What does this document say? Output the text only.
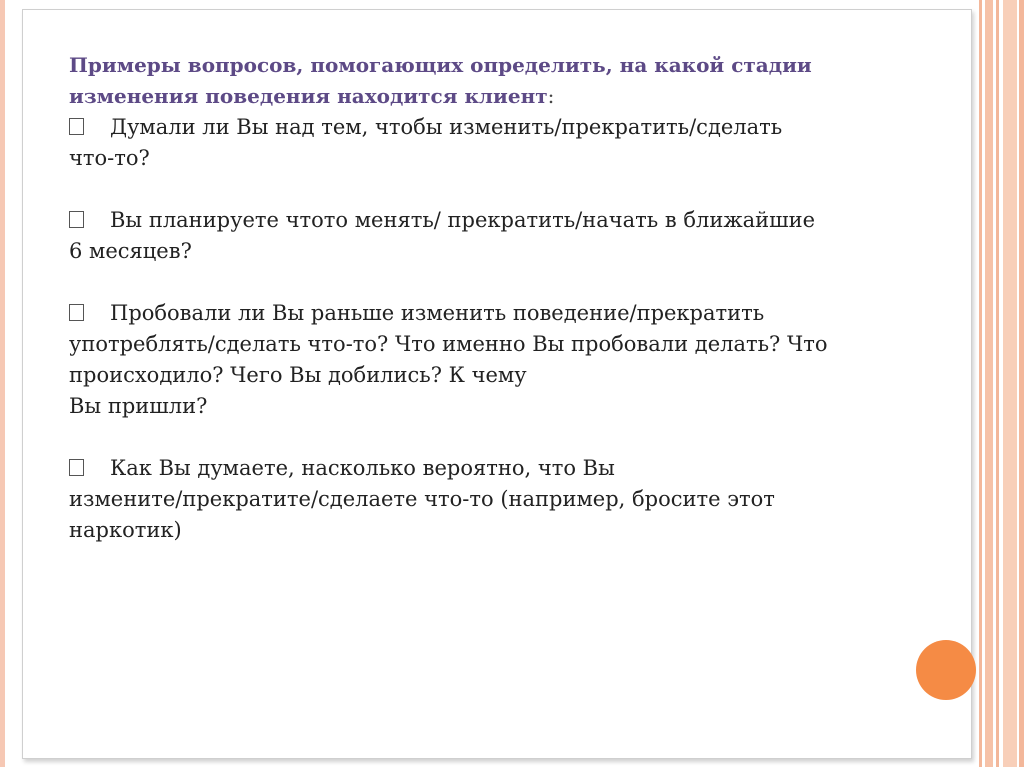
Примеры вопросов, помогающих определить, на какой стадии изменения поведения находится клиент:

Думали ли Вы над тем, чтобы изменить/прекратить/сделать

что-то?

Вы планируете чтото менять/ прекратить/начать в ближайшие

6 месяцев?

Пробовали ли Вы раньше изменить поведение/прекратить

употреблять/сделать что-то? Что именно Вы пробовали делать? Что

происходило? Чего Вы добились? К чему

Вы пришли?

Как Вы думаете, насколько вероятно, что Вы

измените/прекратите/сделаете что-то (например, бросите этот

наркотик)
